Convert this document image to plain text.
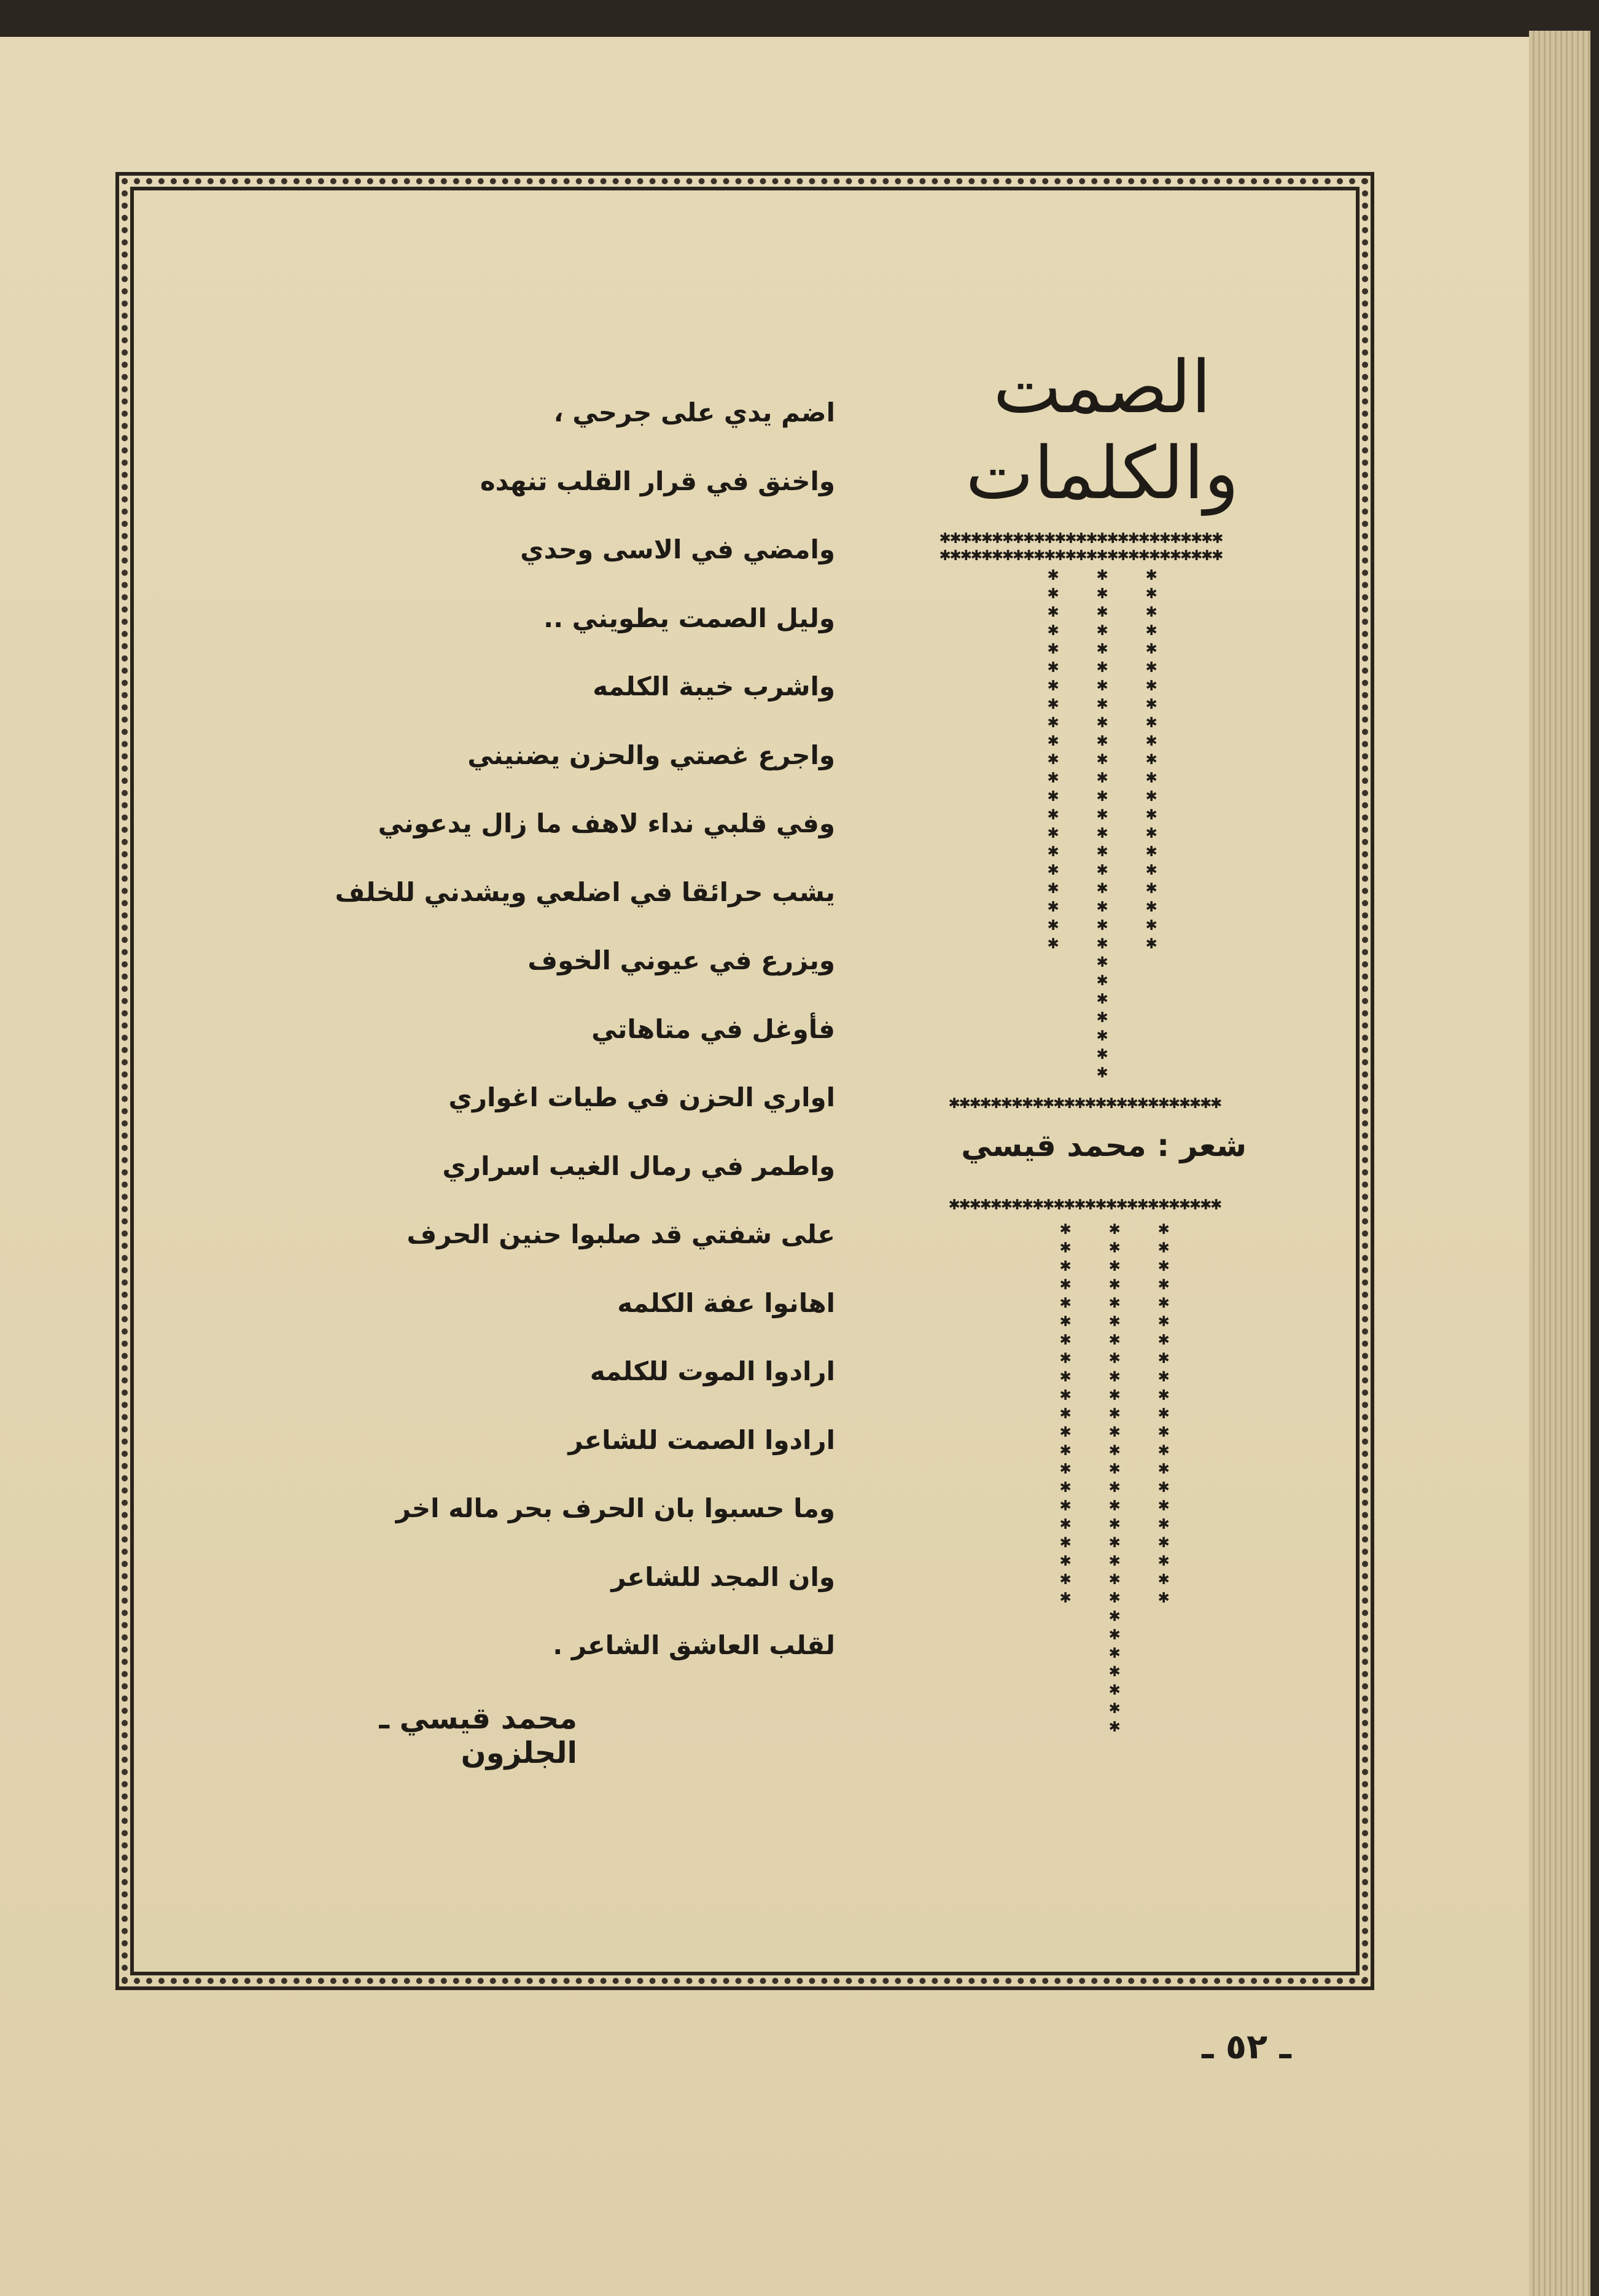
الصمت
والكلمات
✱✱✱✱✱✱✱✱✱✱✱✱✱✱✱✱✱✱✱✱✱✱✱✱✱✱✱
✱✱✱✱✱✱✱✱✱✱✱✱✱✱✱✱✱✱✱✱✱✱✱✱✱✱✱
✱✱✱✱✱✱✱✱✱✱✱✱✱✱✱✱✱✱✱✱✱
✱✱✱✱✱✱✱✱✱✱✱✱✱✱✱✱✱✱✱✱✱✱✱✱✱✱✱✱
✱✱✱✱✱✱✱✱✱✱✱✱✱✱✱✱✱✱✱✱✱
✱✱✱✱✱✱✱✱✱✱✱✱✱✱✱✱✱✱✱✱✱✱✱✱✱✱
شعر : محمد قيسي
✱✱✱✱✱✱✱✱✱✱✱✱✱✱✱✱✱✱✱✱✱✱✱✱✱✱
✱✱✱✱✱✱✱✱✱✱✱✱✱✱✱✱✱✱✱✱✱
✱✱✱✱✱✱✱✱✱✱✱✱✱✱✱✱✱✱✱✱✱✱✱✱✱✱✱✱
✱✱✱✱✱✱✱✱✱✱✱✱✱✱✱✱✱✱✱✱✱
اضم يدي على جرحي ،
واخنق في قرار القلب تنهده
وامضي في الاسى وحدي
وليل الصمت يطويني ..
واشرب خيبة الكلمه
واجرع غصتي والحزن يضنيني
وفي قلبي نداء لاهف ما زال يدعوني
يشب حرائقا في اضلعي ويشدني للخلف
ويزرع في عيوني الخوف
فأوغل في متاهاتي
اواري الحزن في طيات اغواري
واطمر في رمال الغيب اسراري
على شفتي قد صلبوا حنين الحرف
اهانوا عفة الكلمه
ارادوا الموت للكلمه
ارادوا الصمت للشاعر
وما حسبوا بان الحرف بحر ماله اخر
وان المجد للشاعر
لقلب العاشق الشاعر .
محمد قيسي ـ الجلزون
ـ ٥٢ ـ
